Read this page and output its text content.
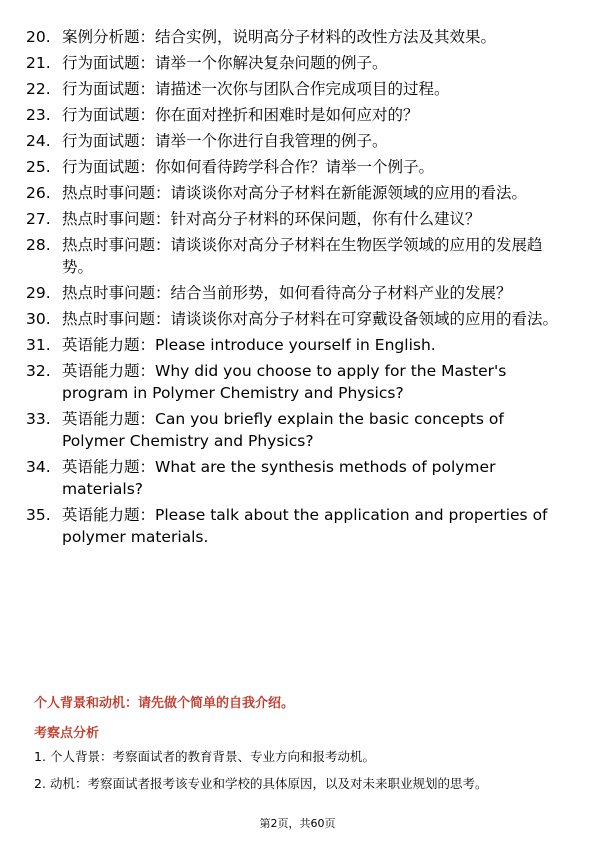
20. 案例分析题：结合实例，说明高分子材料的改性方法及其效果。
21. 行为面试题：请举一个你解决复杂问题的例子。
22. 行为面试题：请描述一次你与团队合作完成项目的过程。
23. 行为面试题：你在面对挫折和困难时是如何应对的？
24. 行为面试题：请举一个你进行自我管理的例子。
25. 行为面试题：你如何看待跨学科合作？请举一个例子。
26. 热点时事问题：请谈谈你对高分子材料在新能源领域的应用的看法。
27. 热点时事问题：针对高分子材料的环保问题，你有什么建议？
28. 热点时事问题：请谈谈你对高分子材料在生物医学领域的应用的发展趋势。
29. 热点时事问题：结合当前形势，如何看待高分子材料产业的发展？
30. 热点时事问题：请谈谈你对高分子材料在可穿戴设备领域的应用的看法。
31. 英语能力题：Please introduce yourself in English.
32. 英语能力题：Why did you choose to apply for the Master's program in Polymer Chemistry and Physics?
33. 英语能力题：Can you briefly explain the basic concepts of Polymer Chemistry and Physics?
34. 英语能力题：What are the synthesis methods of polymer materials?
35. 英语能力题：Please talk about the application and properties of polymer materials.
个人背景和动机：请先做个简单的自我介绍。
考察点分析
1. 个人背景：考察面试者的教育背景、专业方向和报考动机。
2. 动机：考察面试者报考该专业和学校的具体原因，以及对未来职业规划的思考。
第2页，共60页
